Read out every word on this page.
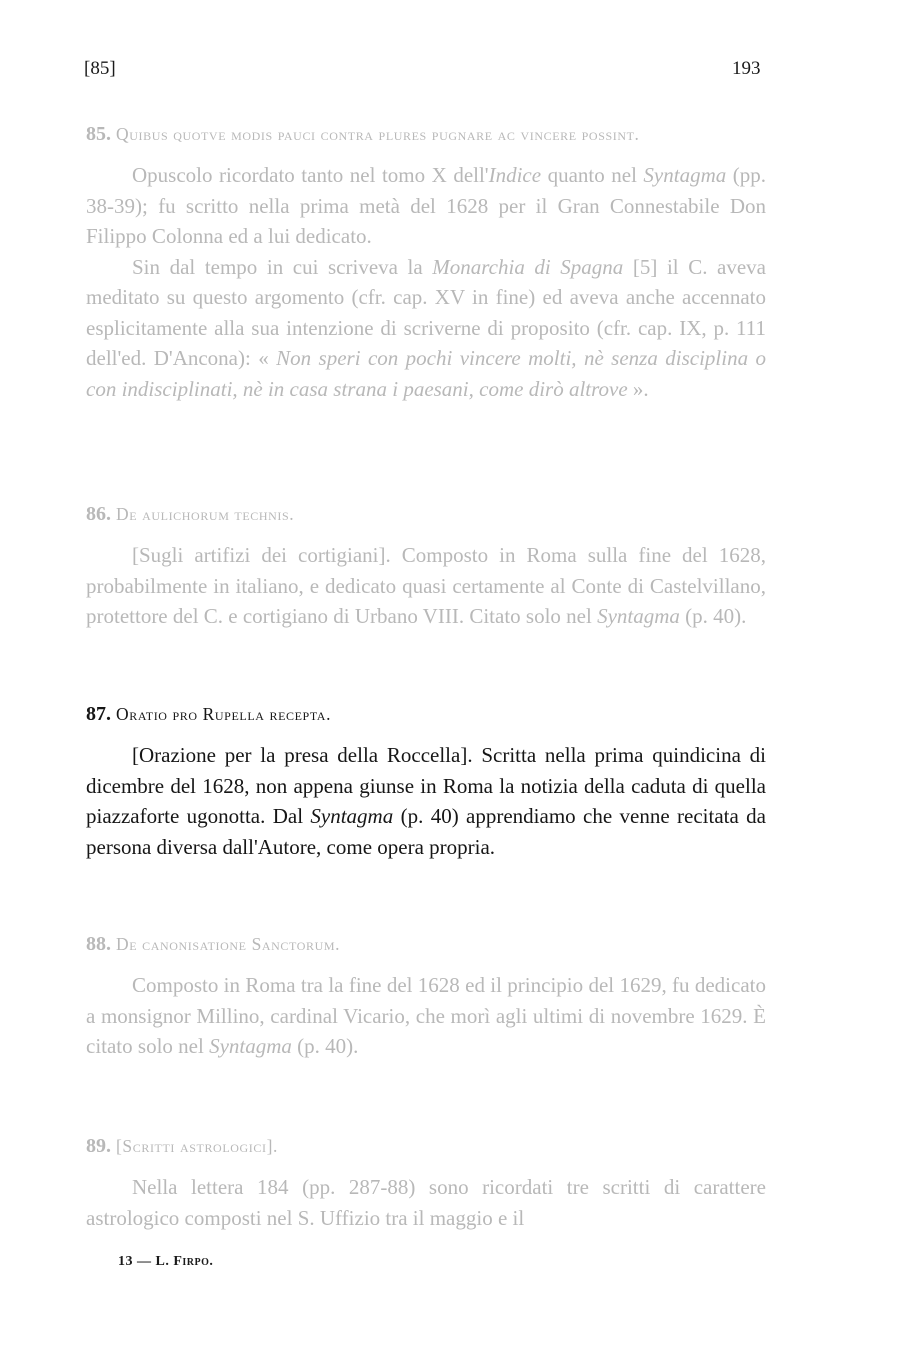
[85]	193
85. Quibus quotve modis pauci contra plures pugnare ac vincere possint.
Opuscolo ricordato tanto nel tomo X dell'Indice quanto nel Syntagma (pp. 38-39); fu scritto nella prima metà del 1628 per il Gran Connestabile Don Filippo Colonna ed a lui dedicato.
Sin dal tempo in cui scriveva la Monarchia di Spagna [5] il C. aveva meditato su questo argomento (cfr. cap. XV in fine) ed aveva anche accennato esplicitamente alla sua intenzione di scriverne di proposito (cfr. cap. IX, p. 111 dell'ed. D'Ancona): « Non speri con pochi vincere molti, nè senza disciplina o con indisciplinati, nè in casa strana i paesani, come dirò altrove ».
86. De aulichorum technis.
[Sugli artifizi dei cortigiani]. Composto in Roma sulla fine del 1628, probabilmente in italiano, e dedicato quasi certamente al Conte di Castelvillano, protettore del C. e cortigiano di Urbano VIII. Citato solo nel Syntagma (p. 40).
87. Oratio pro Rupella recepta.
[Orazione per la presa della Roccella]. Scritta nella prima quindicina di dicembre del 1628, non appena giunse in Roma la notizia della caduta di quella piazzaforte ugonotta. Dal Syntagma (p. 40) apprendiamo che venne recitata da persona diversa dall'Autore, come opera propria.
88. De canonisatione Sanctorum.
Composto in Roma tra la fine del 1628 ed il principio del 1629, fu dedicato a monsignor Millino, cardinal Vicario, che morì agli ultimi di novembre 1629. È citato solo nel Syntagma (p. 40).
89. [Scritti astrologici].
Nella lettera 184 (pp. 287-88) sono ricordati tre scritti di carattere astrologico composti nel S. Uffizio tra il maggio e il
13 — L. Firpo.
